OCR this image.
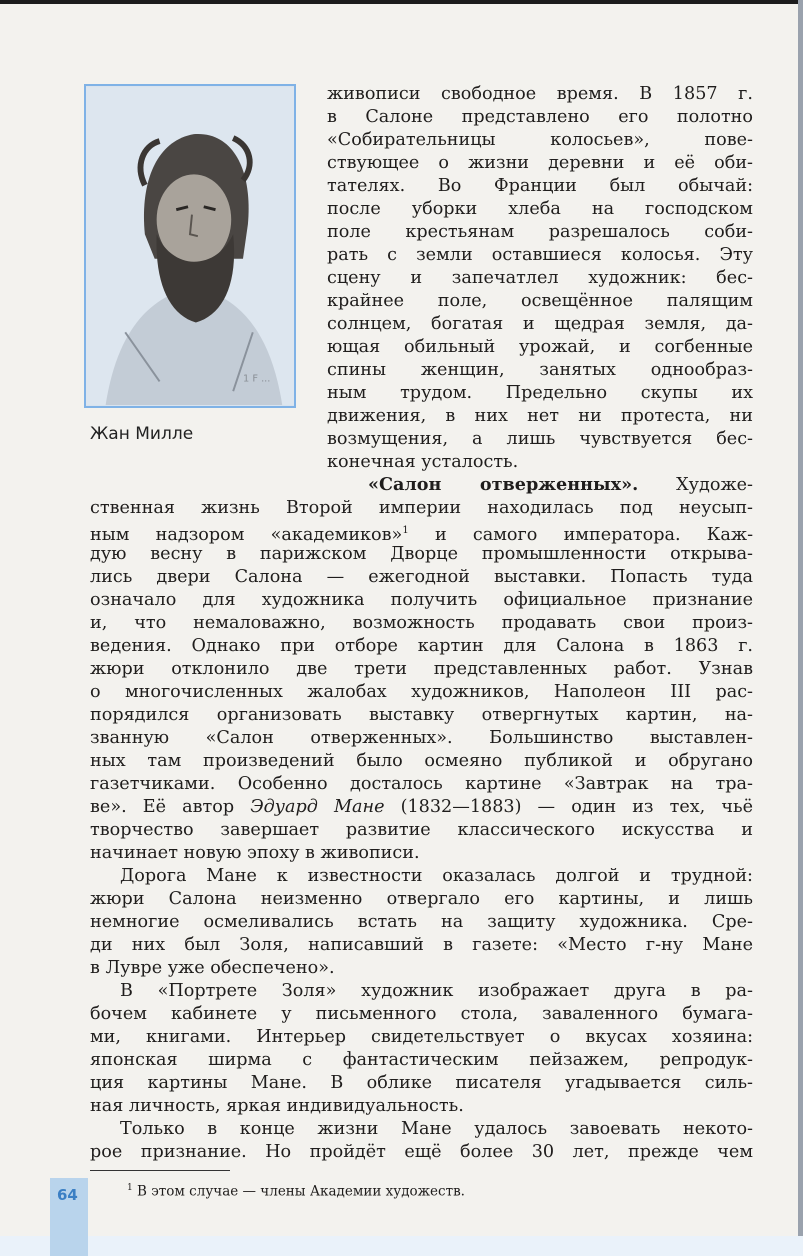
1 F ...
Жан Милле
живописи свободное время. В 1857 г.
в Салоне представлено его полотно
«Собирательницы колосьев», пове-
ствующее о жизни деревни и её оби-
тателях. Во Франции был обычай:
после уборки хлеба на господском
поле крестьянам разрешалось соби-
рать с земли оставшиеся колосья. Эту
сцену и запечатлел художник: бес-
крайнее поле, освещённое палящим
солнцем, богатая и щедрая земля, да-
ющая обильный урожай, и согбенные
спины женщин, занятых однообраз-
ным трудом. Предельно скупы их
движения, в них нет ни протеста, ни
возмущения, а лишь чувствуется бес-
конечная усталость.
«Салон отверженных». Художе-
ственная жизнь Второй империи находилась под неусып-
ным надзором «академиков»$^1$ и самого императора. Каж-
дую весну в парижском Дворце промышленности открыва-
лись двери Салона — ежегодной выставки. Попасть туда
означало для художника получить официальное признание
и, что немаловажно, возможность продавать свои произ-
ведения. Однако при отборе картин для Салона в 1863 г.
жюри отклонило две трети представленных работ. Узнав
о многочисленных жалобах художников, Наполеон III рас-
порядился организовать выставку отвергнутых картин, на-
званную «Салон отверженных». Большинство выставлен-
ных там произведений было осмеяно публикой и обругано
газетчиками. Особенно досталось картине «Завтрак на тра-
ве». Её автор Эдуард Мане (1832—1883) — один из тех, чьё
творчество завершает развитие классического искусства и
начинает новую эпоху в живописи.
Дорога Мане к известности оказалась долгой и трудной:
жюри Салона неизменно отвергало его картины, и лишь
немногие осмеливались встать на защиту художника. Сре-
ди них был Золя, написавший в газете: «Место г-ну Мане
в Лувре уже обеспечено».
В «Портрете Золя» художник изображает друга в ра-
бочем кабинете у письменного стола, заваленного бумага-
ми, книгами. Интерьер свидетельствует о вкусах хозяина:
японская ширма с фантастическим пейзажем, репродук-
ция картины Мане. В облике писателя угадывается силь-
ная личность, яркая индивидуальность.
Только в конце жизни Мане удалось завоевать некото-
рое признание. Но пройдёт ещё более 30 лет, прежде чем
$^1$ В этом случае — члены Академии художеств.
64
